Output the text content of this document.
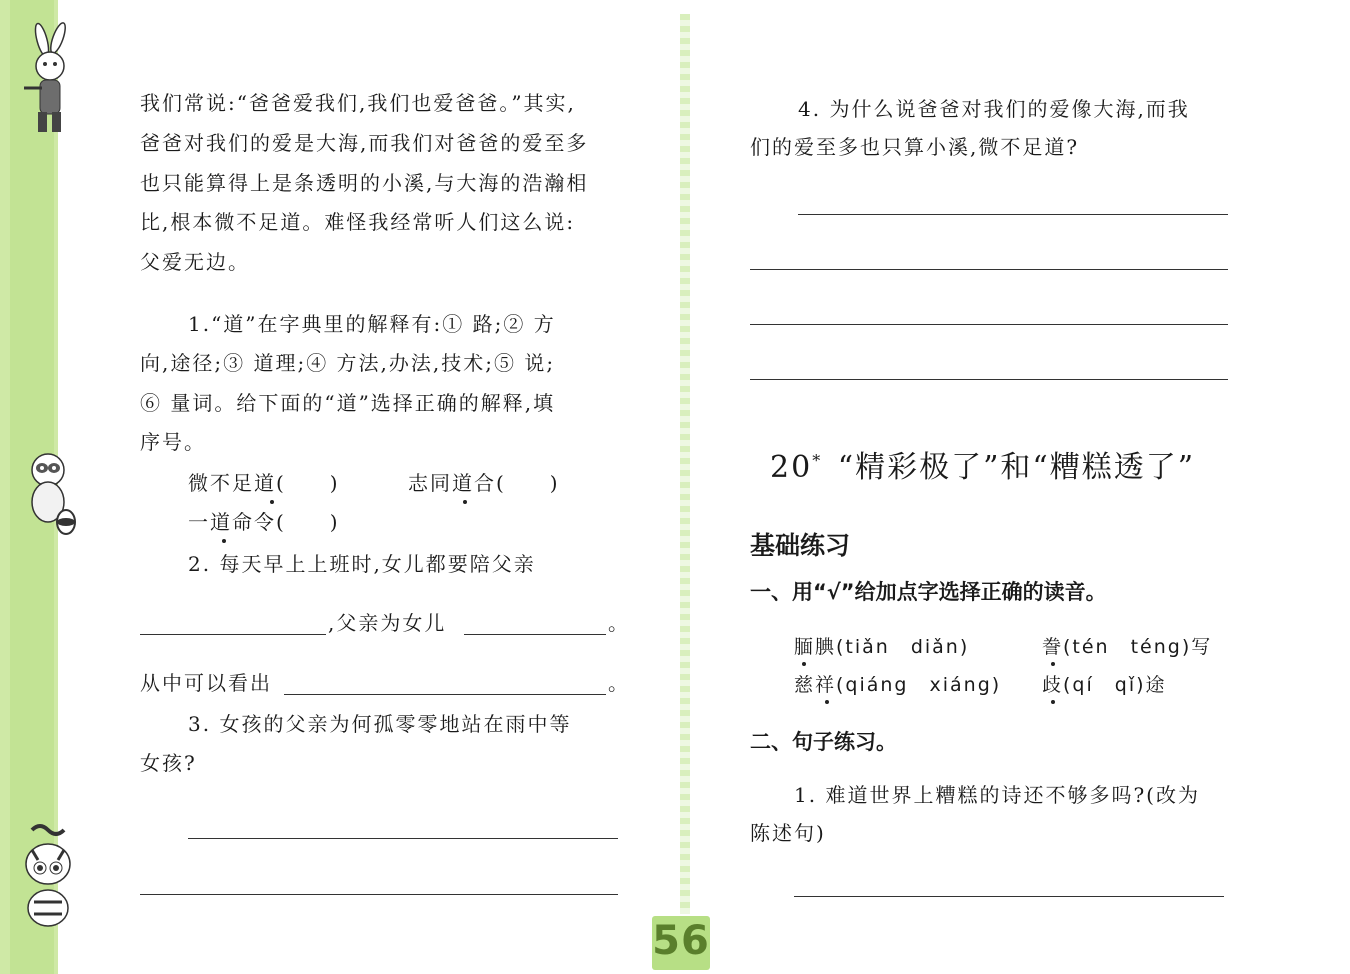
我们常说:“爸爸爱我们,我们也爱爸爸。”其实,
爸爸对我们的爱是大海,而我们对爸爸的爱至多
也只能算得上是条透明的小溪,与大海的浩瀚相
比,根本微不足道。难怪我经常听人们这么说:
父爱无边。
1.“道”在字典里的解释有:① 路;② 方
向,途径;③ 道理;④ 方法,办法,技术;⑤ 说;
⑥ 量词。给下面的“道”选择正确的解释,填
序号。
微不足道(　　)	志同道合(　　)
一道命令(　　)
2. 每天早上上班时,女儿都要陪父亲
,父亲为女儿	。
从中可以看出	。
3. 女孩的父亲为何孤零零地站在雨中等
女孩?
4. 为什么说爸爸对我们的爱像大海,而我
们的爱至多也只算小溪,微不足道?
20* “精彩极了”和“糟糕透了”
基础练习
一、用“√”给加点字选择正确的读音。
腼腆(tiǎn　diǎn)	誊(tén　téng)写
慈祥(qiáng　xiáng) 歧(qí　qǐ)途
二、句子练习。
1. 难道世界上糟糕的诗还不够多吗?(改为
陈述句)
56
